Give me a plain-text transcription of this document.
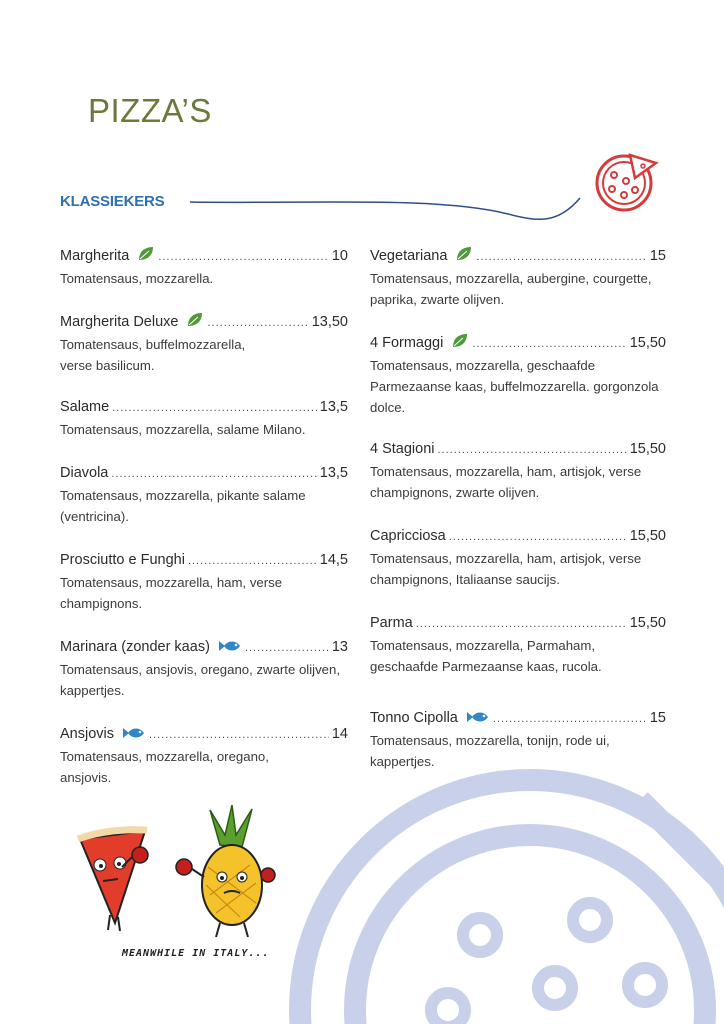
PIZZA’S
KLASSIEKERS
Margherita .....	10

Tomatensaus, mozzarella.

Margherita Deluxe .....	13,50

Tomatensaus, buffelmozzarella, verse basilicum.

Salame .....	13,5

Tomatensaus, mozzarella, salame Milano.

Diavola .....	13,5

Tomatensaus, mozzarella, pikante salame (ventricina).

Prosciutto e Funghi .....	14,5

Tomatensaus, mozzarella, ham, verse champignons.

Marinara (zonder kaas) .....	13

Tomatensaus, ansjovis, oregano, zwarte olijven, kappertjes.

Ansjovis .....	14

Tomatensaus, mozzarella, oregano, ansjovis.

Vegetariana .....	15

Tomatensaus, mozzarella, aubergine, courgette, paprika, zwarte olijven.

4 Formaggi .....	15,50

Tomatensaus, mozzarella, geschaafde Parmezaanse kaas, buffelmozzarella. gorgonzola dolce.

4 Stagioni .....	15,50

Tomatensaus, mozzarella, ham, artisjok, verse champignons, zwarte olijven.

Capricciosa .....	15,50

Tomatensaus, mozzarella, ham, artisjok, verse champignons, Italiaanse saucijs.

Parma .....	15,50

Tomatensaus, mozzarella, Parmaham, geschaafde Parmezaanse kaas, rucola.

Tonno Cipolla .....	15

Tomatensaus, mozzarella, tonijn, rode ui, kappertjes.

MEANWHILE IN ITALY...
